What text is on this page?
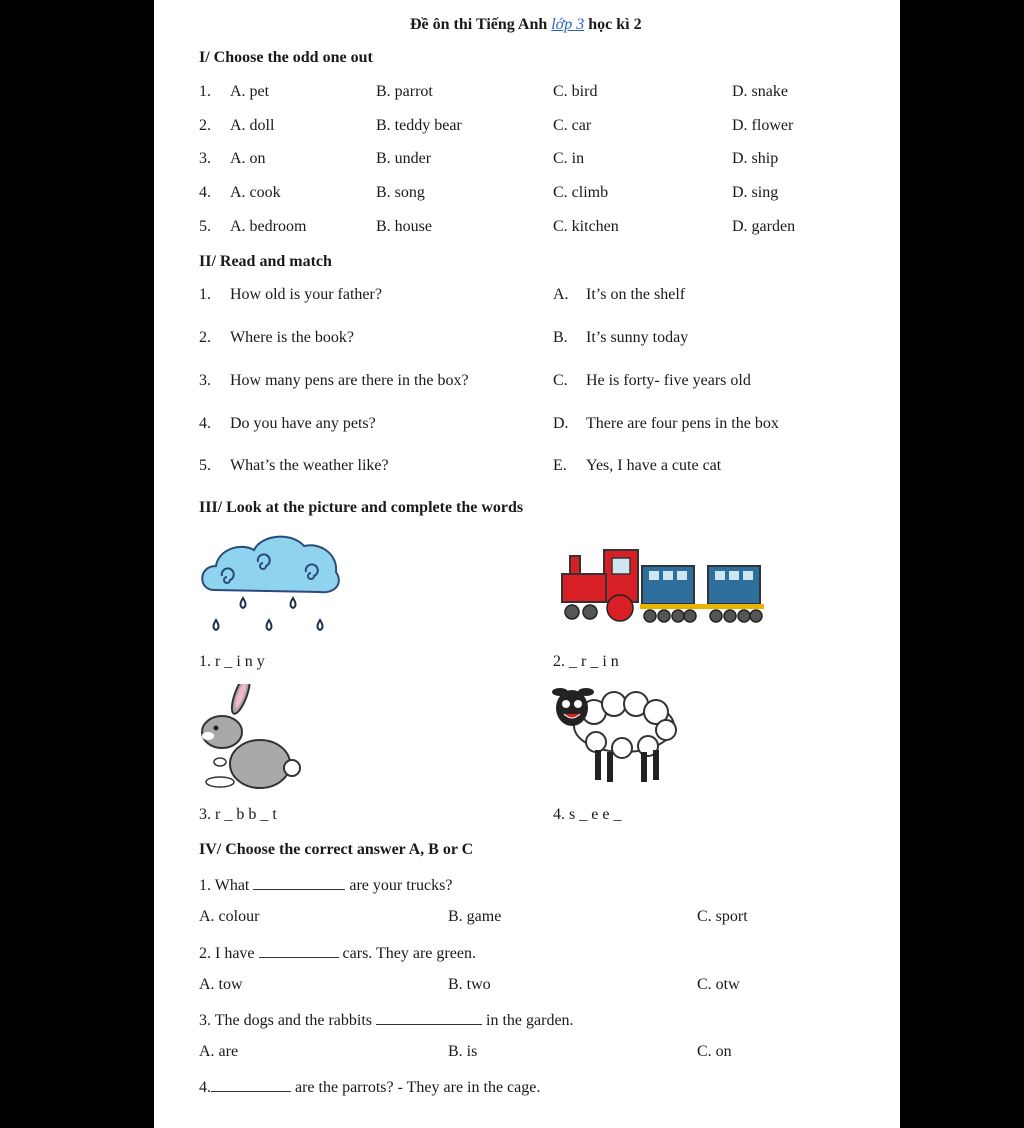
Đề ôn thi Tiếng Anh lớp 3 học kì 2
I/ Choose the odd one out
1. A. pet	B. parrot	C. bird	D. snake
2. A. doll	B. teddy bear	C. car	D. flower
3. A. on	B. under	C. in	D. ship
4. A. cook	B. song	C. climb	D. sing
5. A. bedroom	B. house	C. kitchen	D. garden
II/ Read and match
1. How old is your father?	A. It’s on the shelf
2. Where is the book?	B. It’s sunny today
3. How many pens are there in the box?	C. He is forty- five years old
4. Do you have any pets?	D. There are four pens in the box
5. What’s the weather like?	E. Yes, I have a cute cat
III/ Look at the picture and complete the words
1. r _ i n y	2. _ r _ i n
3. r _ b b _ t	4. s _ e e _
IV/ Choose the correct answer A, B or C
1. What	are your trucks?
A. colour	B. game	C. sport
2. I have	cars. They are green.
A. tow	B. two	C. otw
3. The dogs and the rabbits	in the garden.
A. are	B. is	C. on
4.	are the parrots? - They are in the cage.
